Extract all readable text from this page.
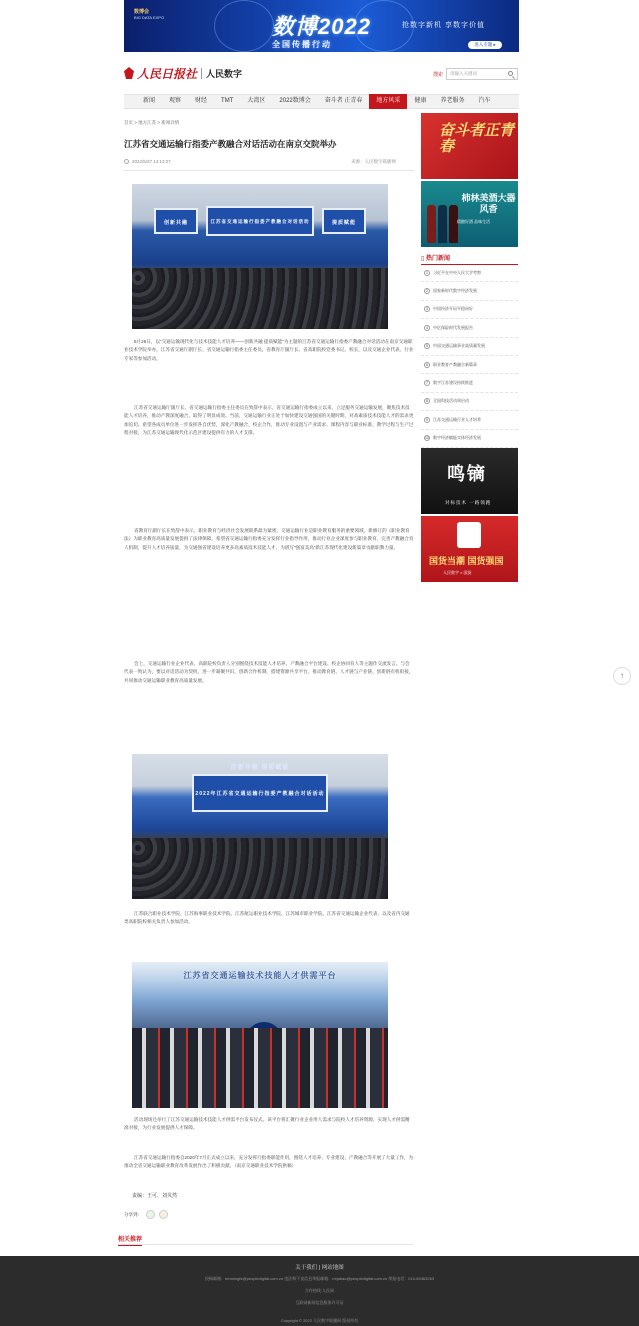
数博会
BIG DATA EXPO	数博2022
全国传播行动
抢数字新机 享数字价值
进入专题 ▸
人民日报社 人民数字	搜索	请输入关键词
新闻	观察	财经	TMT	大湾区	2022数博会	奋斗者 正青春	地方风采	健康	养老服务	汽车
首页 > 地方江苏 > 新闻详情
江苏省交通运输行指委产教融合对话活动在南京交院举办
2022/5/27 14:13:27	来源：人民数字联播网
江苏省交通运输行指委产教融合对话活动
创新共融	提质赋能
5月26日，以“交通运输现代化与技术技能人才培养——创新共融 提质赋能”为主题的江苏省交通运输行指委产教融合对话活动在南京交通职业技术学院举办。江苏省交通厅副厅长、省交通运输行指委主任委员，省教育厅副厅长、省高职院校党委书记、校长，以及交通企业代表、行业专家等参加活动。
江苏省交通运输厅副厅长、省交通运输行指委主任委员在致辞中表示，省交通运输行指委成立以来，立足服务交通运输发展，聚焦技术技能人才培养，推动产教深度融合，取得了明显成效。当前，交通运输行业正处于加快建设交通强国的关键时期，对高素质技术技能人才的需求更加迫切。希望各成员单位进一步发挥各自优势，深化产教融合、校企合作，推动专业设置与产业需求、课程内容与职业标准、教学过程与生产过程对接，为江苏交通运输现代化示范区建设提供有力的人才支撑。
省教育厅副厅长在致辞中表示，职业教育与经济社会发展联系最为紧密，交通运输行业是职业教育服务的重要领域。新修订的《职业教育法》为职业教育高质量发展提供了法律保障。希望省交通运输行指委充分发挥行业指导作用，推动行业企业深度参与职业教育，完善产教融合育人机制，提升人才培养质量，为交通强省建设培养更多高素质技术技能人才，为谱写“强富美高”新江苏现代化建设新篇章贡献职教力量。
会上，交通运输行业企业代表、高职院校负责人分别围绕技术技能人才培养、产教融合平台建设、校企协同育人等主题作交流发言。与会代表一致认为，要以对话活动为契机，进一步凝聚共识，创新合作机制，搭建资源共享平台，推动教育链、人才链与产业链、创新链有机衔接，共同推动交通运输职业教育高质量发展。
创新共融 提质赋能
2022年江苏省交通运输行指委产教融合对话活动
江苏联合职业技术学院、江苏海事职业技术学院、江苏航运职业技术学院、江苏城市职业学院、江苏省交通运输企业代表，以及省内交通类高职院校相关负责人参加活动。
江苏省交通运输技术技能人才供需平台
活动现场还举行了江苏交通运输技术技能人才供需平台发布仪式。该平台将汇聚行业企业用人需求与院校人才培养资源，实现人才供需精准对接，为行业发展提供人才保障。
江苏省交通运输行指委自2020年7月正式成立以来，充分发挥行指委职能作用，围绕人才培养、专业建设、产教融合等开展了大量工作，为推动全省交通运输职业教育改革发展作出了积极贡献。（南京交通职业技术学院供稿）
责编：王可、刘贝然
分享到：
相关推荐
奋斗者正青春
柿林美酒大器风香
精酿好酒 品味生活
▯ 热门新闻
1	习近平在中央人民大学考察
2	国家新时代数字经济发展
3	中国经济开局平稳向好
4	中亿保险时代发展报告
5	中国交通运输事业高质量发展
6	职业教育产教融合新篇章
7	数字江苏建设持续推进
8	全国科技活动周启动
9	江苏交通运输行业人才培养
10 数字经济赋能实体经济发展
鸣镝
对标技术 一路领跑
国货当潮 国货强国
人民数字 × 国货
↑
关于我们 | 网站地图
投稿邮箱：renmingfz@peopledigital.com.cn 违法和不良信息举报邮箱：rmjubao@peopledigital.com.cn 举报电话：010-65363263
合作热线 人民网
互联网新闻信息服务许可证
Copyright © 2022 人民数字联播网 版权所有
